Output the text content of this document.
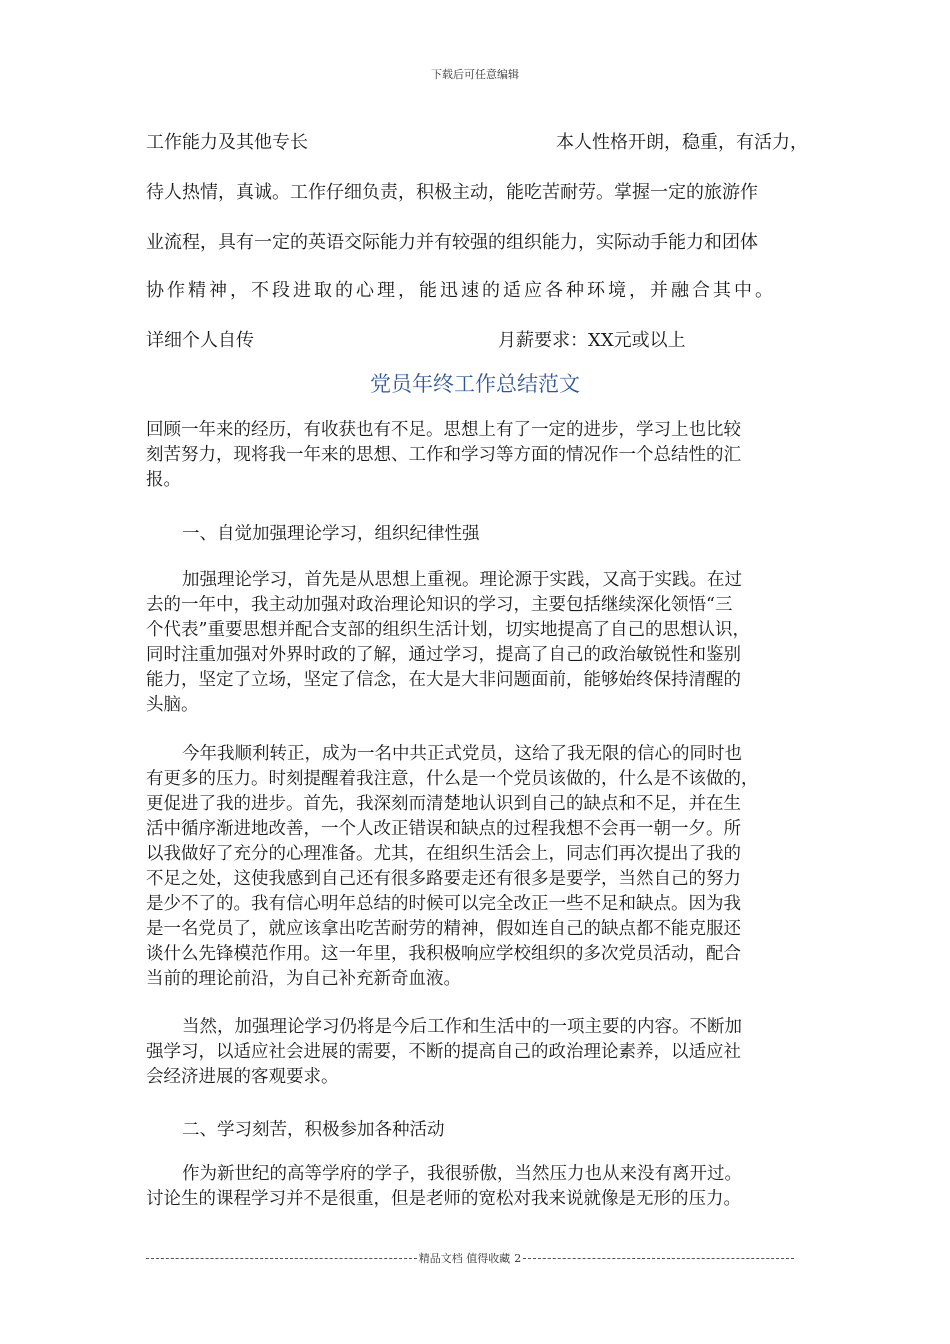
下载后可任意编辑
工作能力及其他专长	本人性格开朗，稳重，有活力，
待人热情，真诚。工作仔细负责，积极主动，能吃苦耐劳。掌握一定的旅游作
业流程，具有一定的英语交际能力并有较强的组织能力，实际动手能力和团体
协作精神，不段进取的心理，能迅速的适应各种环境，并融合其中。
详细个人自传	月薪要求：XX元或以上
党员年终工作总结范文
回顾一年来的经历，有收获也有不足。思想上有了一定的进步，学习上也比较
刻苦努力，现将我一年来的思想、工作和学习等方面的情况作一个总结性的汇
报。
一、自觉加强理论学习，组织纪律性强
加强理论学习，首先是从思想上重视。理论源于实践，又高于实践。在过
去的一年中，我主动加强对政治理论知识的学习，主要包括继续深化领悟“三
个代表”重要思想并配合支部的组织生活计划，切实地提高了自己的思想认识，
同时注重加强对外界时政的了解，通过学习，提高了自己的政治敏锐性和鉴别
能力，坚定了立场，坚定了信念，在大是大非问题面前，能够始终保持清醒的
头脑。
今年我顺利转正，成为一名中共正式党员，这给了我无限的信心的同时也
有更多的压力。时刻提醒着我注意，什么是一个党员该做的，什么是不该做的，
更促进了我的进步。首先，我深刻而清楚地认识到自己的缺点和不足，并在生
活中循序渐进地改善，一个人改正错误和缺点的过程我想不会再一朝一夕。所
以我做好了充分的心理准备。尤其，在组织生活会上，同志们再次提出了我的
不足之处，这使我感到自己还有很多路要走还有很多是要学，当然自己的努力
是少不了的。我有信心明年总结的时候可以完全改正一些不足和缺点。因为我
是一名党员了，就应该拿出吃苦耐劳的精神，假如连自己的缺点都不能克服还
谈什么先锋模范作用。这一年里，我积极响应学校组织的多次党员活动，配合
当前的理论前沿，为自己补充新奇血液。
当然，加强理论学习仍将是今后工作和生活中的一项主要的内容。不断加
强学习，以适应社会进展的需要，不断的提高自己的政治理论素养，以适应社
会经济进展的客观要求。
二、学习刻苦，积极参加各种活动
作为新世纪的高等学府的学子，我很骄傲，当然压力也从来没有离开过。
讨论生的课程学习并不是很重，但是老师的宽松对我来说就像是无形的压力。
精品文档 值得收藏 2
